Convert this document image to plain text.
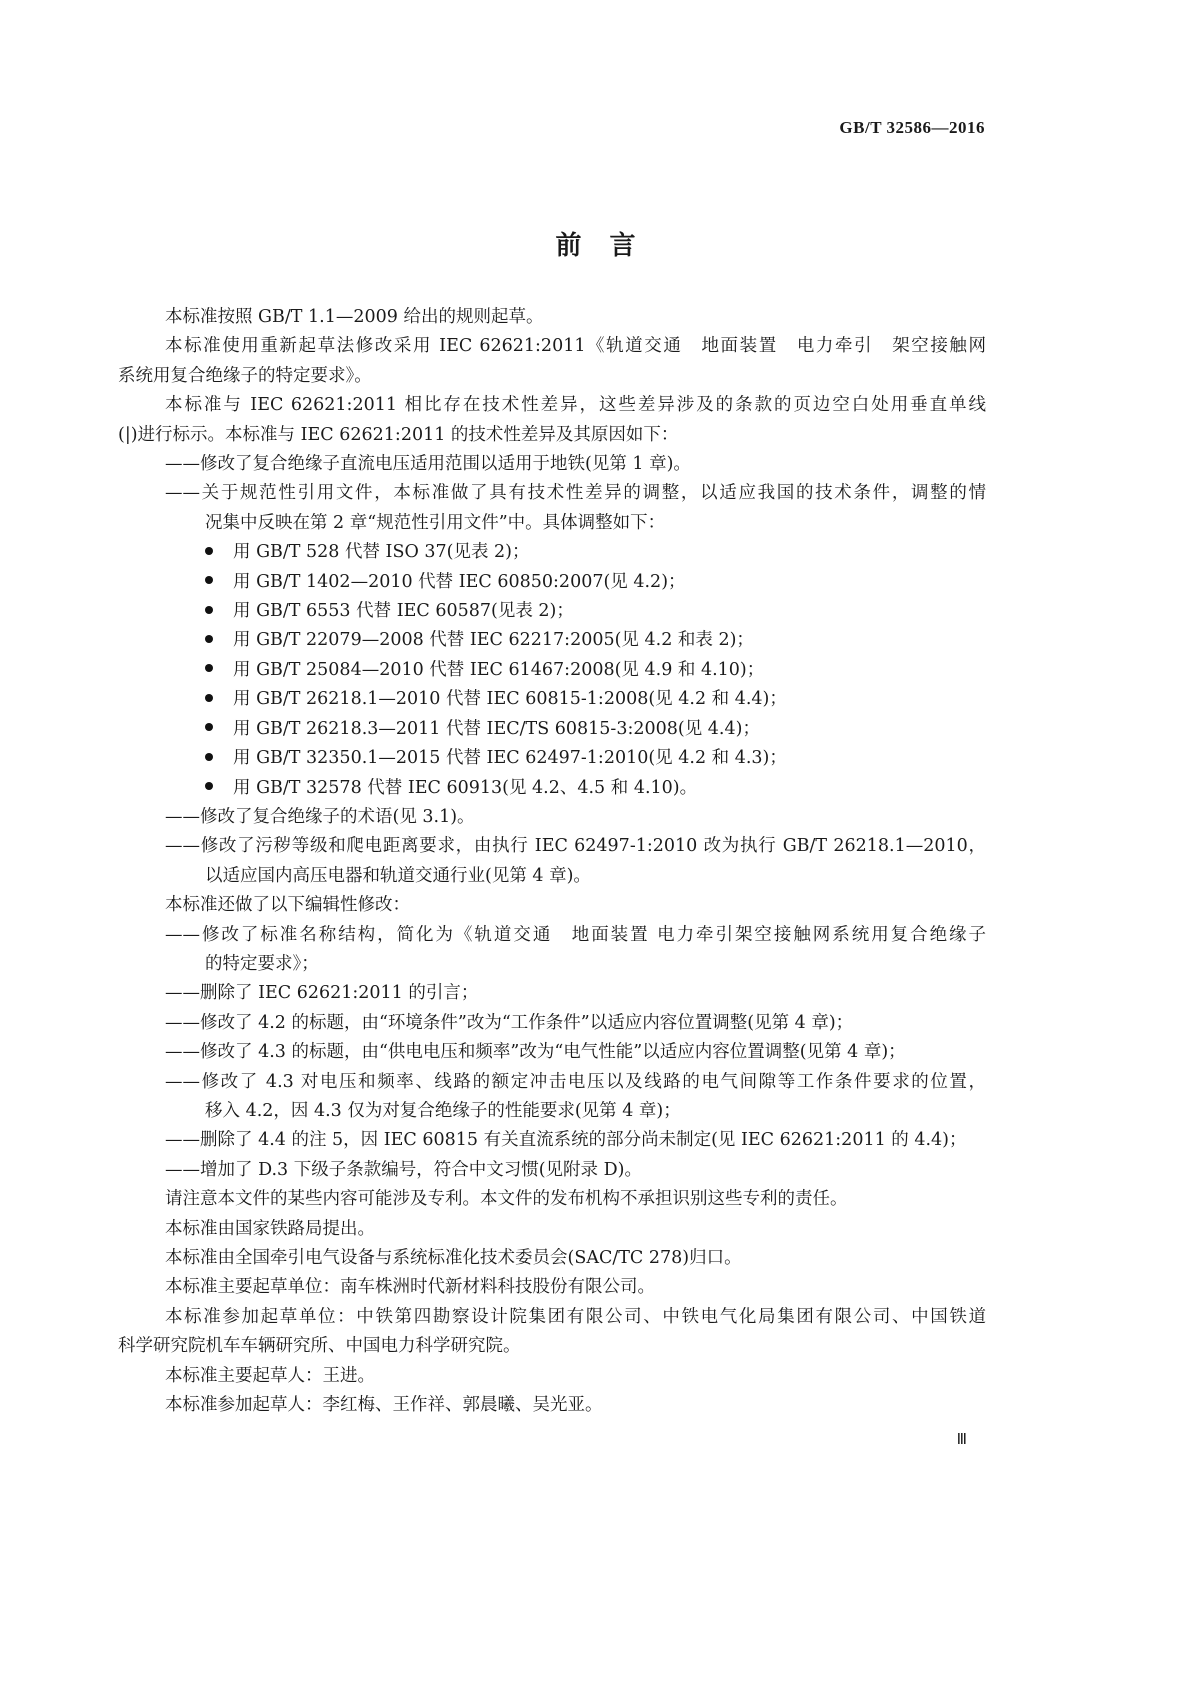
GB/T 32586—2016
前言
本标准按照 GB/T 1.1—2009 给出的规则起草。
本标准使用重新起草法修改采用 IEC 62621:2011《轨道交通　地面装置　电力牵引　架空接触网
系统用复合绝缘子的特定要求》。
本标准与 IEC 62621:2011 相比存在技术性差异，这些差异涉及的条款的页边空白处用垂直单线
(|)进行标示。本标准与 IEC 62621:2011 的技术性差异及其原因如下：
——修改了复合绝缘子直流电压适用范围以适用于地铁(见第 1 章)。
——关于规范性引用文件，本标准做了具有技术性差异的调整，以适应我国的技术条件，调整的情
况集中反映在第 2 章“规范性引用文件”中。具体调整如下：
用 GB/T 528 代替 ISO 37(见表 2)；
用 GB/T 1402—2010 代替 IEC 60850:2007(见 4.2)；
用 GB/T 6553 代替 IEC 60587(见表 2)；
用 GB/T 22079—2008 代替 IEC 62217:2005(见 4.2 和表 2)；
用 GB/T 25084—2010 代替 IEC 61467:2008(见 4.9 和 4.10)；
用 GB/T 26218.1—2010 代替 IEC 60815-1:2008(见 4.2 和 4.4)；
用 GB/T 26218.3—2011 代替 IEC/TS 60815-3:2008(见 4.4)；
用 GB/T 32350.1—2015 代替 IEC 62497-1:2010(见 4.2 和 4.3)；
用 GB/T 32578 代替 IEC 60913(见 4.2、4.5 和 4.10)。
——修改了复合绝缘子的术语(见 3.1)。
——修改了污秽等级和爬电距离要求，由执行 IEC 62497-1:2010 改为执行 GB/T 26218.1—2010，
以适应国内高压电器和轨道交通行业(见第 4 章)。
本标准还做了以下编辑性修改：
——修改了标准名称结构，简化为《轨道交通　地面装置 电力牵引架空接触网系统用复合绝缘子
的特定要求》；
——删除了 IEC 62621:2011 的引言；
——修改了 4.2 的标题，由“环境条件”改为“工作条件”以适应内容位置调整(见第 4 章)；
——修改了 4.3 的标题，由“供电电压和频率”改为“电气性能”以适应内容位置调整(见第 4 章)；
——修改了 4.3 对电压和频率、线路的额定冲击电压以及线路的电气间隙等工作条件要求的位置，
移入 4.2，因 4.3 仅为对复合绝缘子的性能要求(见第 4 章)；
——删除了 4.4 的注 5，因 IEC 60815 有关直流系统的部分尚未制定(见 IEC 62621:2011 的 4.4)；
——增加了 D.3 下级子条款编号，符合中文习惯(见附录 D)。
请注意本文件的某些内容可能涉及专利。本文件的发布机构不承担识别这些专利的责任。
本标准由国家铁路局提出。
本标准由全国牵引电气设备与系统标准化技术委员会(SAC/TC 278)归口。
本标准主要起草单位：南车株洲时代新材料科技股份有限公司。
本标准参加起草单位：中铁第四勘察设计院集团有限公司、中铁电气化局集团有限公司、中国铁道
科学研究院机车车辆研究所、中国电力科学研究院。
本标准主要起草人：王进。
本标准参加起草人：李红梅、王作祥、郭晨曦、吴光亚。
Ⅲ
